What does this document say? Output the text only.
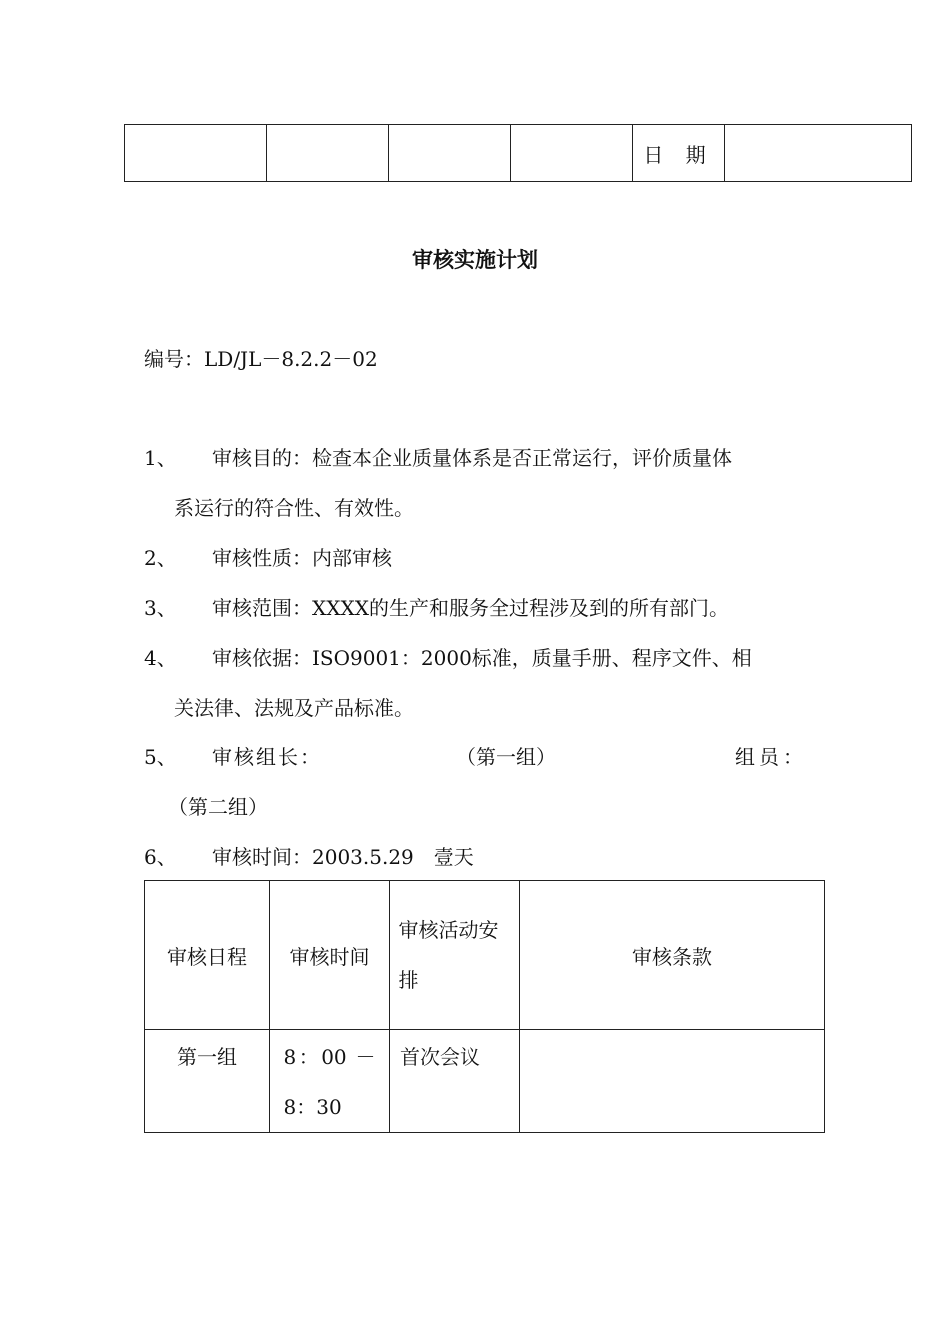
				日 期	
审核实施计划
编号：LD/JL－8.2.2－02
1、 审核目的：检查本企业质量体系是否正常运行，评价质量体
系运行的符合性、有效性。
2、 审核性质：内部审核
3、 审核范围：XXXX的生产和服务全过程涉及到的所有部门。
4、 审核依据：ISO9001：2000标准，质量手册、程序文件、相
关法律、法规及产品标准。
5、 审核组长：	（第一组）	组员：
（第二组）
6、 审核时间：2003.5.29　壹天
审核日程	审核时间	审核活动安排	审核条款
第一组	8：00 －8：30	首次会议	
